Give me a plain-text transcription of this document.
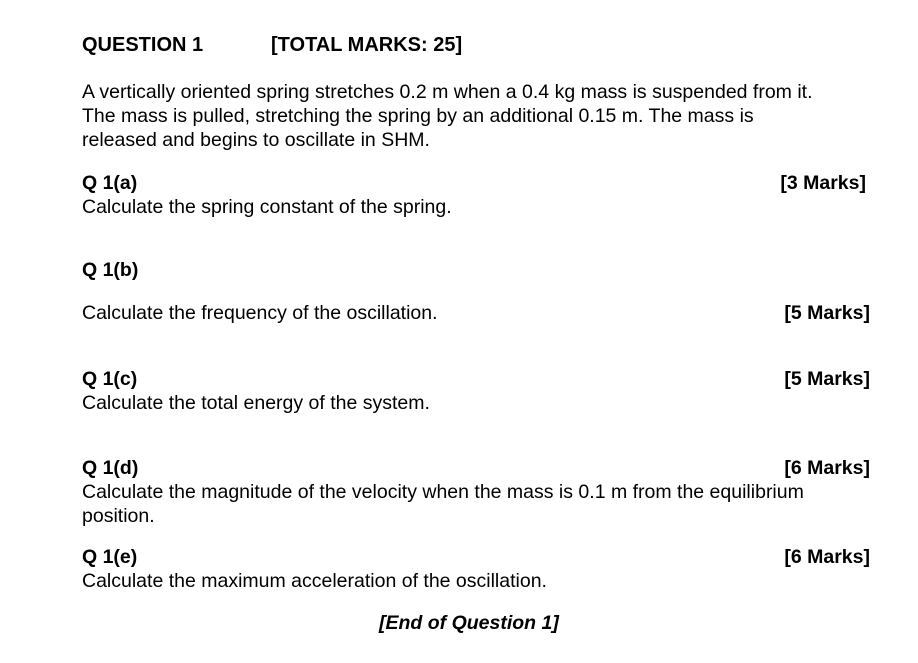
QUESTION 1	[TOTAL MARKS: 25]
A vertically oriented spring stretches 0.2 m when a 0.4 kg mass is suspended from it.
The mass is pulled, stretching the spring by an additional 0.15 m. The mass is
released and begins to oscillate in SHM.
Q 1(a)	[3 Marks]
Calculate the spring constant of the spring.
Q 1(b)
Calculate the frequency of the oscillation.	[5 Marks]
Q 1(c)	[5 Marks]
Calculate the total energy of the system.
Q 1(d)	[6 Marks]
Calculate the magnitude of the velocity when the mass is 0.1 m from the equilibrium
position.
Q 1(e)	[6 Marks]
Calculate the maximum acceleration of the oscillation.
[End of Question 1]
